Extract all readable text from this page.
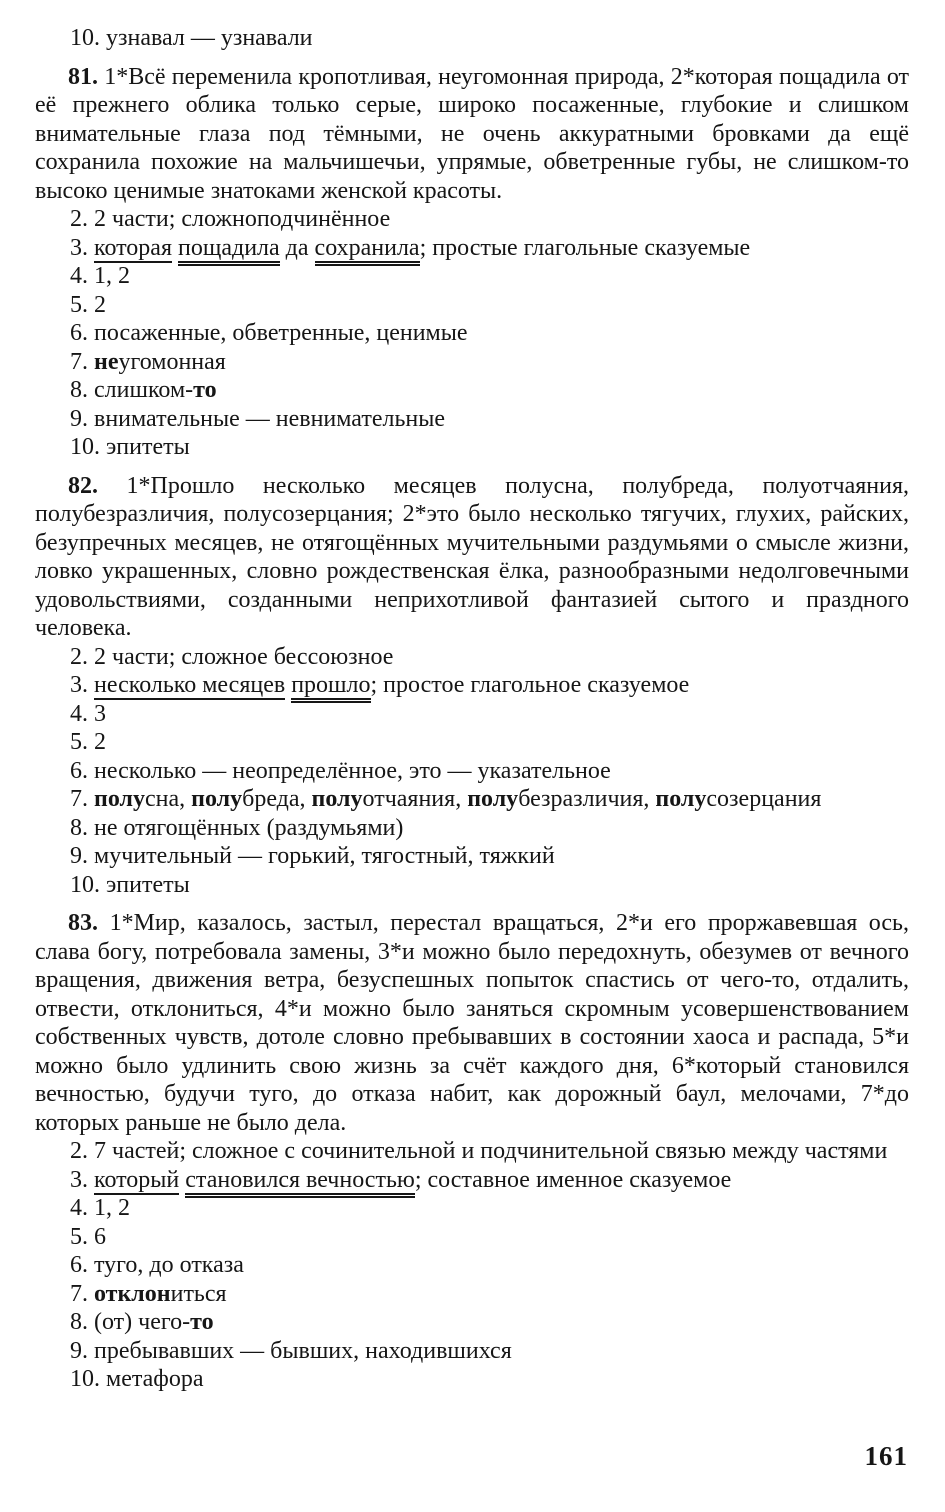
10. узнавал — узнавали
81. 1*Всё переменила кропотливая, неугомонная природа, 2*которая пощадила от её прежнего облика только серые, широко посаженные, глубокие и слишком внимательные глаза под тёмными, не очень аккуратными бровками да ещё сохранила похожие на мальчишечьи, упрямые, обветренные губы, не слишком-то высоко ценимые знатоками женской красоты.
2. 2 части; сложноподчинённое
3. которая пощадила да сохранила; простые глагольные сказуемые
4. 1, 2
5. 2
6. посаженные, обветренные, ценимые
7. неугомонная
8. слишком-то
9. внимательные — невнимательные
10. эпитеты
82. 1*Прошло несколько месяцев полусна, полубреда, полуотчаяния, полубезразличия, полусозерцания; 2*это было несколько тягучих, глухих, райских, безупречных месяцев, не отягощённых мучительными раздумьями о смысле жизни, ловко украшенных, словно рождественская ёлка, разнообразными недолговечными удовольствиями, созданными неприхотливой фантазией сытого и праздного человека.
2. 2 части; сложное бессоюзное
3. несколько месяцев прошло; простое глагольное сказуемое
4. 3
5. 2
6. несколько — неопределённое, это — указательное
7. полусна, полубреда, полуотчаяния, полубезразличия, полусозерцания
8. не отягощённых (раздумьями)
9. мучительный — горький, тягостный, тяжкий
10. эпитеты
83. 1*Мир, казалось, застыл, перестал вращаться, 2*и его проржавевшая ось, слава богу, потребовала замены, 3*и можно было передохнуть, обезумев от вечного вращения, движения ветра, безуспешных попыток спастись от чего-то, отдалить, отвести, отклониться, 4*и можно было заняться скромным усовершенствованием собственных чувств, дотоле словно пребывавших в состоянии хаоса и распада, 5*и можно было удлинить свою жизнь за счёт каждого дня, 6*который становился вечностью, будучи туго, до отказа набит, как дорожный баул, мелочами, 7*до которых раньше не было дела.
2. 7 частей; сложное с сочинительной и подчинительной связью между частями
3. который становился вечностью; составное именное сказуемое
4. 1, 2
5. 6
6. туго, до отказа
7. отклониться
8. (от) чего-то
9. пребывавших — бывших, находившихся
10. метафора
161
